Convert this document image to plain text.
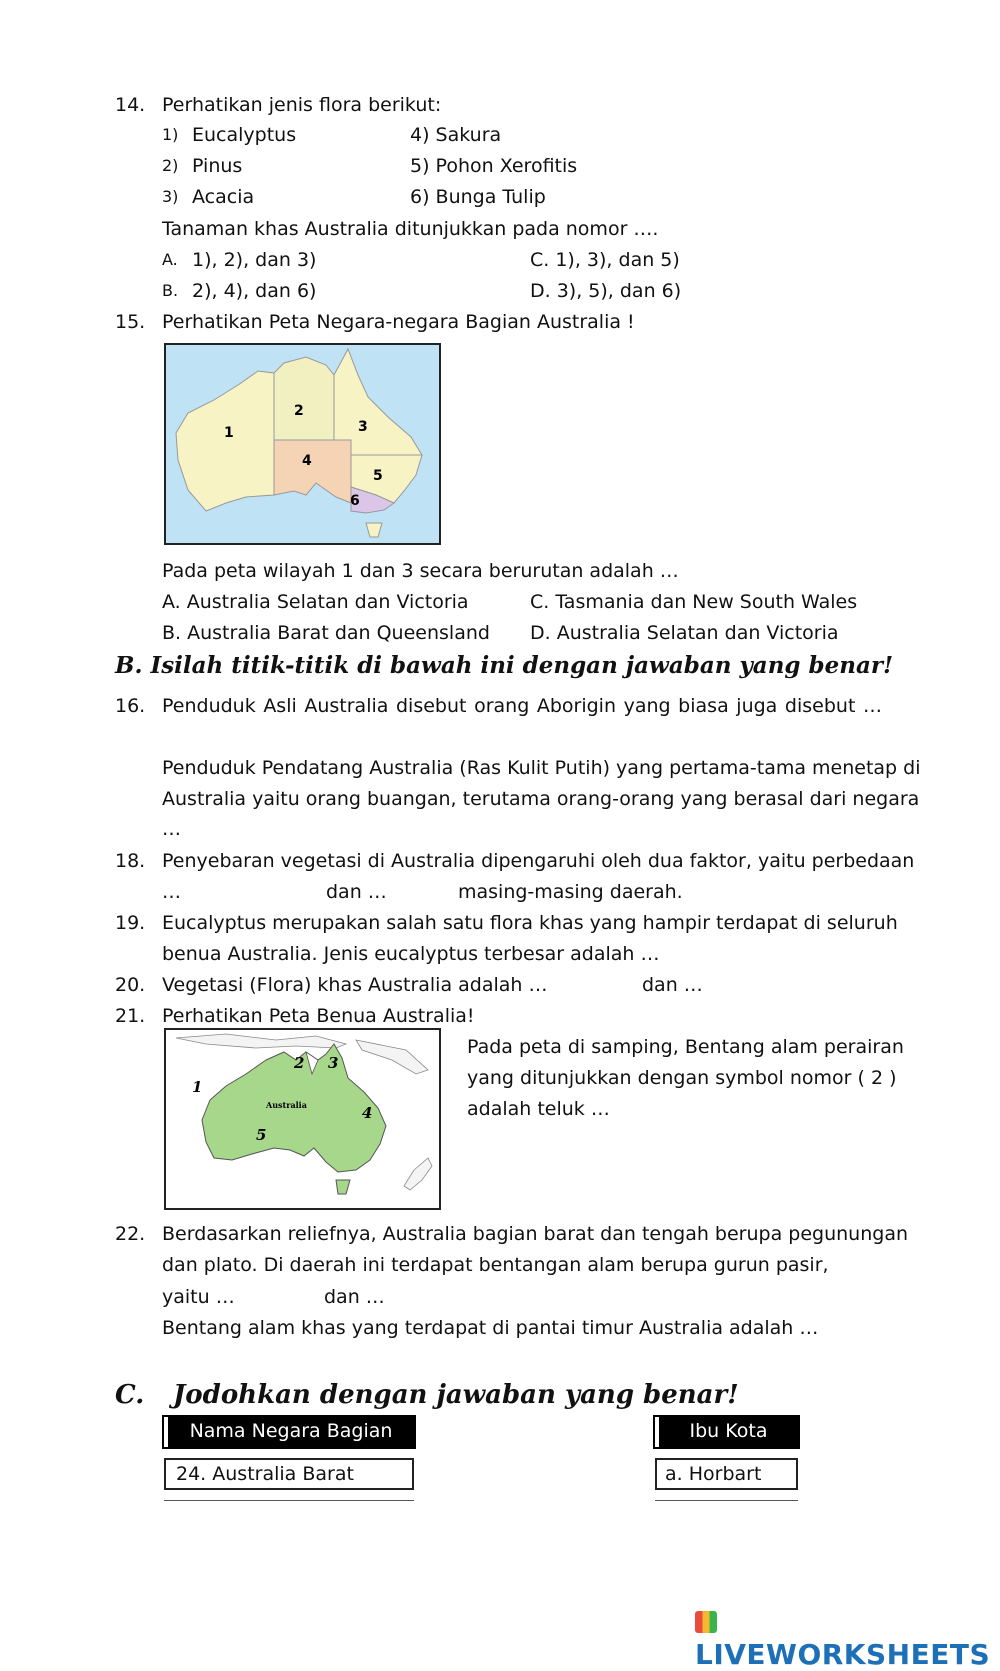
14. Perhatikan jenis flora berikut:
1) Eucalyptus	4) Sakura
2) Pinus	5) Pohon Xerofitis
3) Acacia	6) Bunga Tulip
Tanaman khas Australia ditunjukkan pada nomor ….
A. 1), 2), dan 3)	C. 1), 3), dan 5)
B. 2), 4), dan 6)	D. 3), 5), dan 6)
15. Perhatikan Peta Negara-negara Bagian Australia !
1
2
3
4
5
6
Pada peta wilayah 1 dan 3 secara berurutan adalah …
A. Australia Selatan dan Victoria	C. Tasmania dan New South Wales
B. Australia Barat dan Queensland D. Australia Selatan dan Victoria
B. Isilah titik-titik di bawah ini dengan jawaban yang benar!
16. Penduduk Asli Australia disebut orang Aborigin yang biasa juga disebut …
Penduduk Pendatang Australia (Ras Kulit Putih) yang pertama-tama menetap di
Australia yaitu orang buangan, terutama orang-orang yang berasal dari negara
…
18. Penyebaran vegetasi di Australia dipengaruhi oleh dua faktor, yaitu perbedaan
…	dan …	masing-masing daerah.
19. Eucalyptus merupakan salah satu flora khas yang hampir terdapat di seluruh
benua Australia. Jenis eucalyptus terbesar adalah …
20. Vegetasi (Flora) khas Australia adalah …	dan …
21. Perhatikan Peta Benua Australia!
Australia
1
2 3
4
5
Pada peta di samping, Bentang alam perairan
yang ditunjukkan dengan symbol nomor ( 2 )
adalah teluk …
22. Berdasarkan reliefnya, Australia bagian barat dan tengah berupa pegunungan
dan plato. Di daerah ini terdapat bentangan alam berupa gurun pasir,
yaitu …	dan …
Bentang alam khas yang terdapat di pantai timur Australia adalah …
C. Jodohkan dengan jawaban yang benar!
Nama Negara Bagian	Ibu Kota
24. Australia Barat	a. Horbart
LIVEWORKSHEETS
